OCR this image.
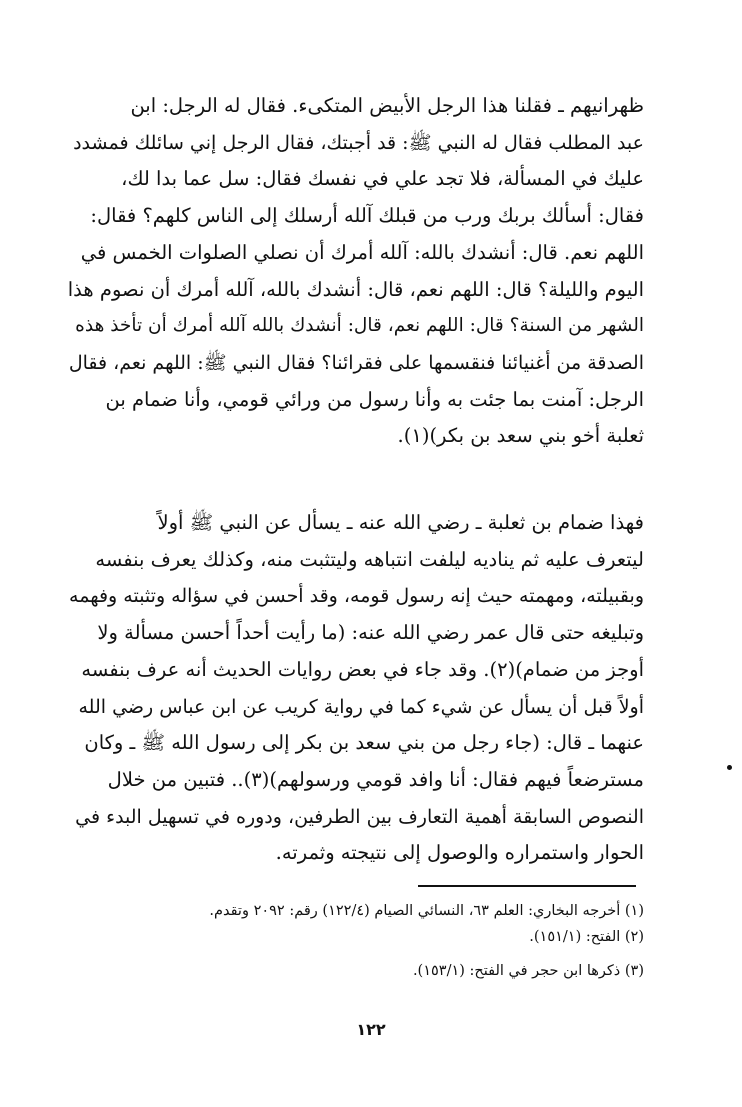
ظهرانيهم ـ فقلنا هذا الرجل الأبيض المتكىء. فقال له الرجل: ابن
عبد المطلب فقال له النبي ﷺ: قد أجبتك، فقال الرجل إني سائلك فمشدد
عليك في المسألة، فلا تجد علي في نفسك فقال: سل عما بدا لك،
فقال: أسألك بربك ورب من قبلك آلله أرسلك إلى الناس كلهم؟ فقال:
اللهم نعم. قال: أنشدك بالله: آلله أمرك أن نصلي الصلوات الخمس في
اليوم والليلة؟ قال: اللهم نعم، قال: أنشدك بالله، آلله أمرك أن نصوم هذا
الشهر من السنة؟ قال: اللهم نعم، قال: أنشدك بالله آلله أمرك أن تأخذ هذه
الصدقة من أغنيائنا فنقسمها على فقرائنا؟ فقال النبي ﷺ: اللهم نعم، فقال
الرجل: آمنت بما جئت به وأنا رسول من ورائي قومي، وأنا ضمام بن
ثعلبة أخو بني سعد بن بكر)(١).

فهذا ضمام بن ثعلبة ـ رضي الله عنه ـ يسأل عن النبي ﷺ أولاً
ليتعرف عليه ثم يناديه ليلفت انتباهه وليتثبت منه، وكذلك يعرف بنفسه
وبقبيلته، ومهمته حيث إنه رسول قومه، وقد أحسن في سؤاله وتثبته وفهمه
وتبليغه حتى قال عمر رضي الله عنه: (ما رأيت أحداً أحسن مسألة ولا
أوجز من ضمام)(٢). وقد جاء في بعض روايات الحديث أنه عرف بنفسه
أولاً قبل أن يسأل عن شيء كما في رواية كريب عن ابن عباس رضي الله
عنهما ـ قال: (جاء رجل من بني سعد بن بكر إلى رسول الله ﷺ ـ وكان
مسترضعاً فيهم فقال: أنا وافد قومي ورسولهم)(٣).. فتبين من خلال
النصوص السابقة أهمية التعارف بين الطرفين، ودوره في تسهيل البدء في
الحوار واستمراره والوصول إلى نتيجته وثمرته.

(١) أخرجه البخاري: العلم ٦٣، النسائي الصيام (١٢٢/٤) رقم: ٢٠٩٢ وتقدم.
(٢) الفتح: (١٥١/١).
(٣) ذكرها ابن حجر في الفتح: (١٥٣/١).
١٢٢
